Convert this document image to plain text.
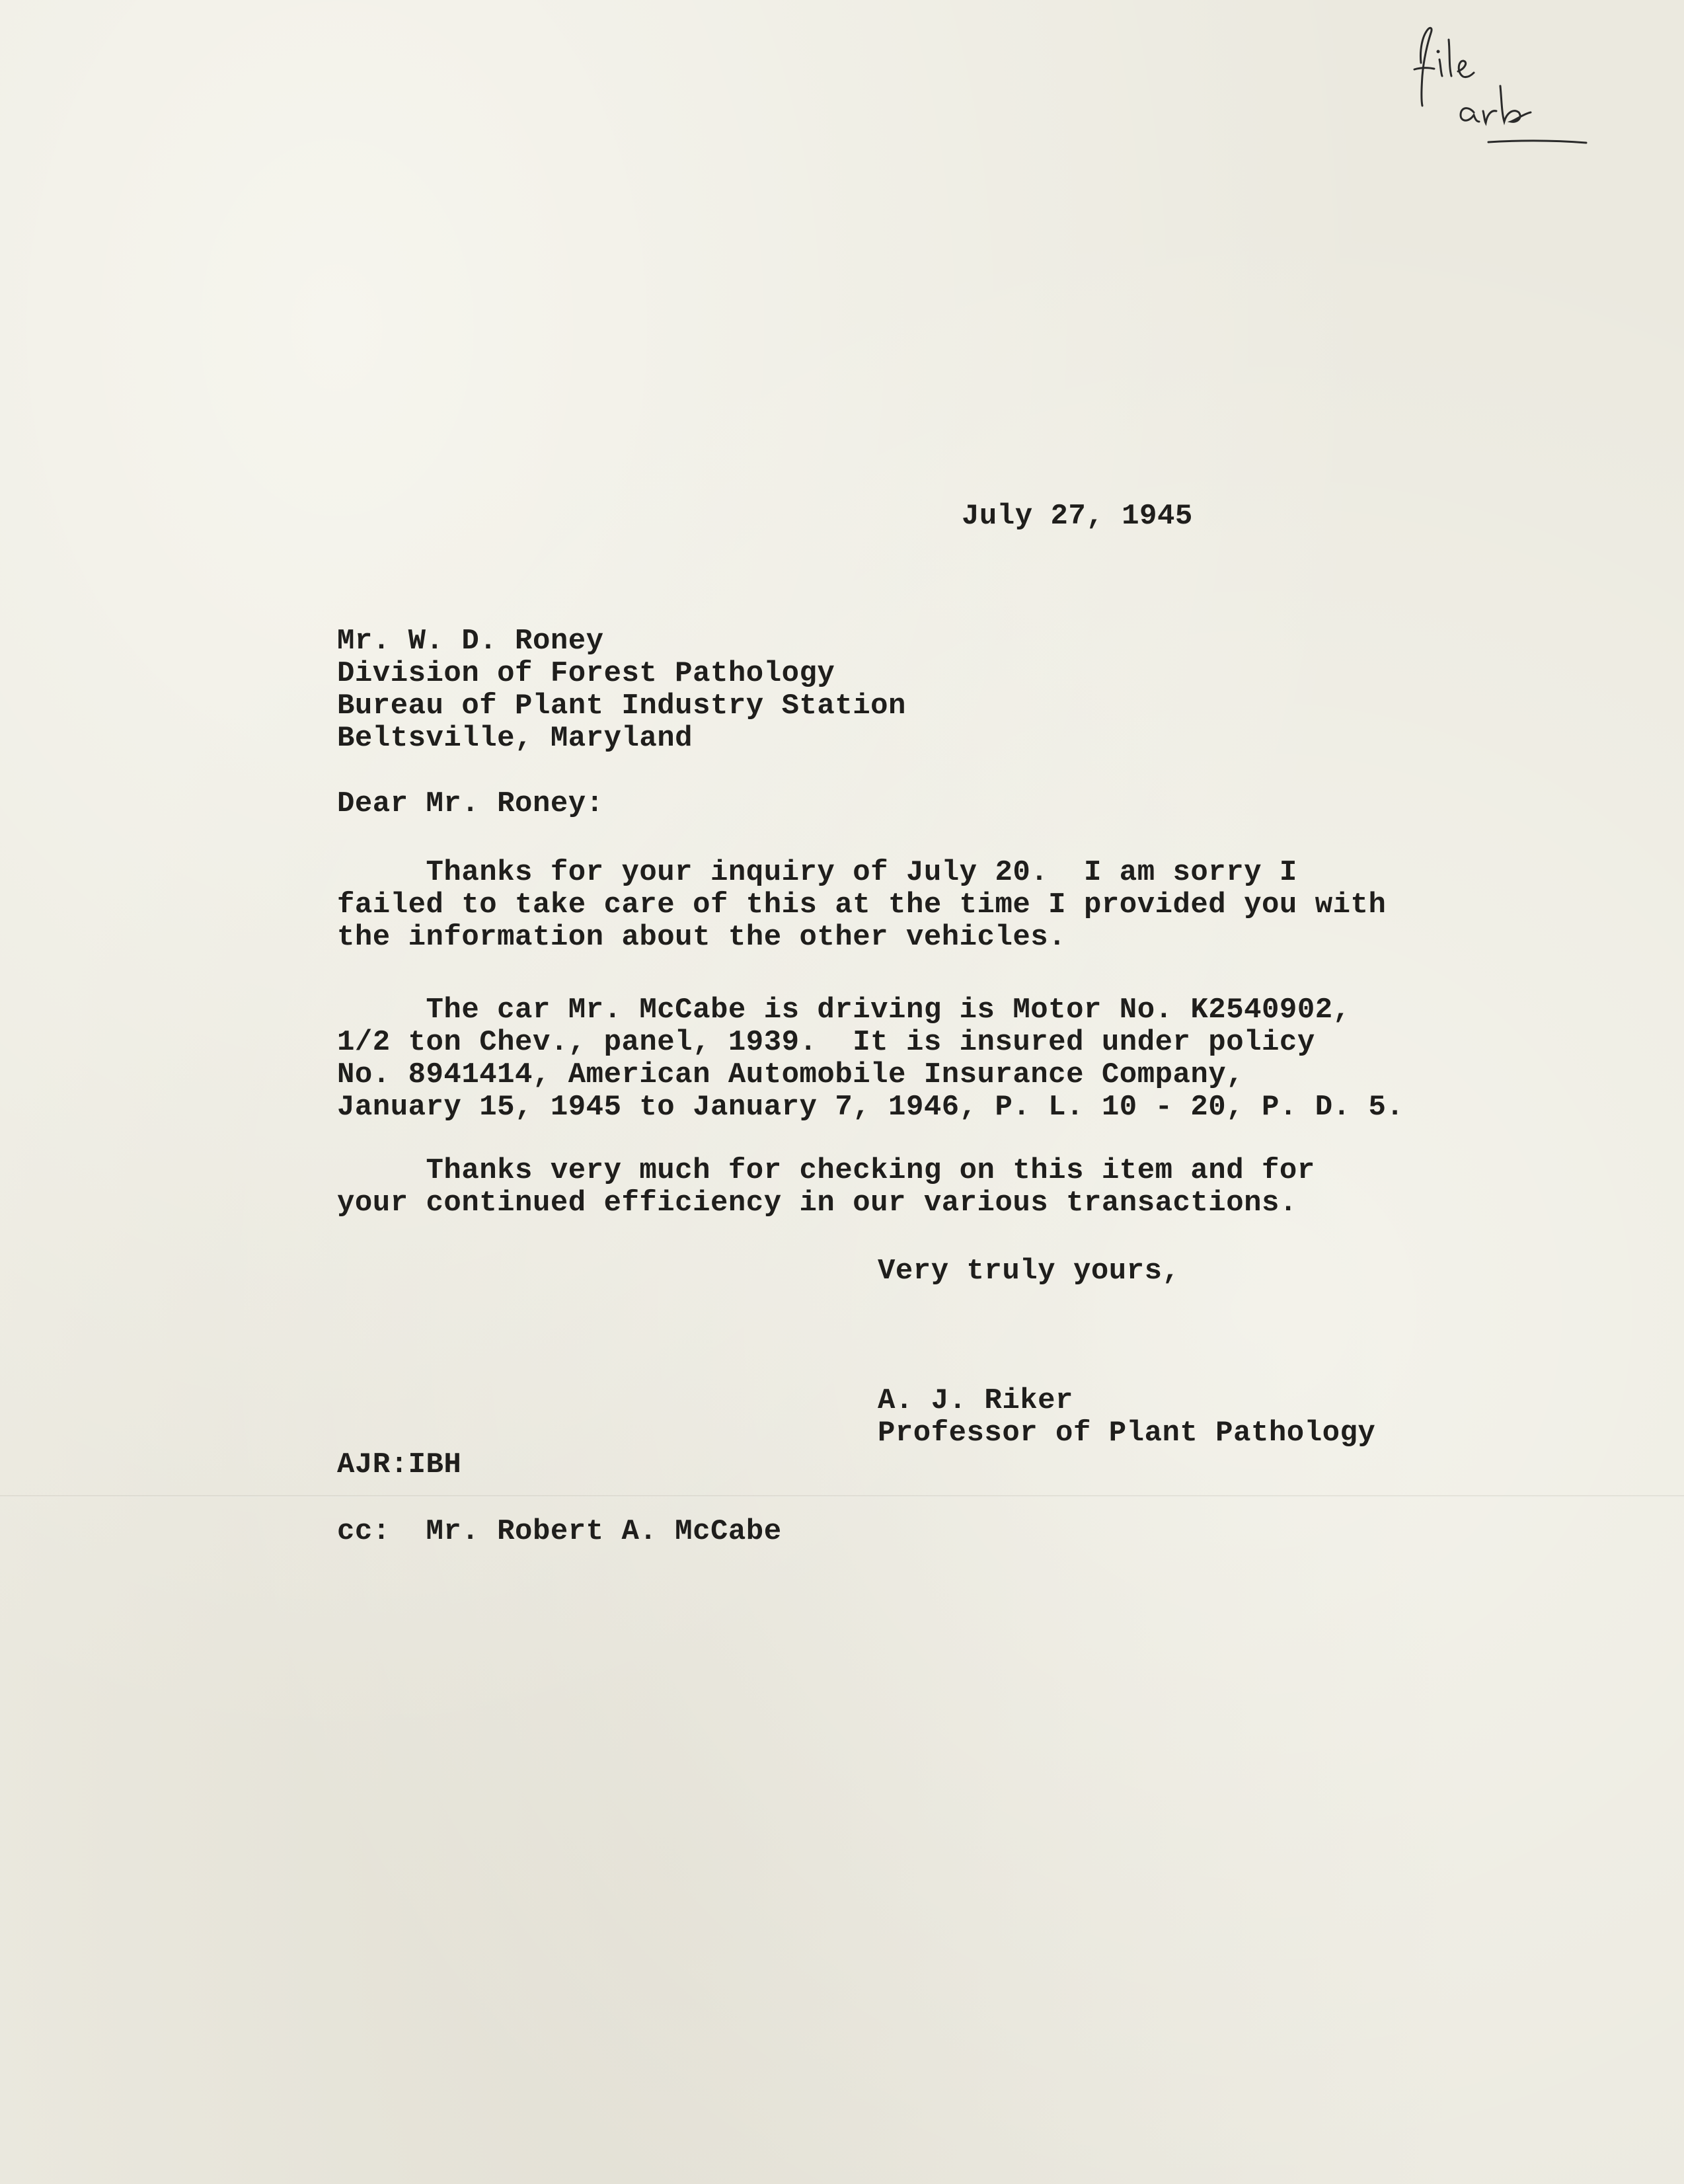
July 27, 1945
Mr. W. D. Roney
Division of Forest Pathology
Bureau of Plant Industry Station
Beltsville, Maryland
Dear Mr. Roney:
Thanks for your inquiry of July 20.  I am sorry I
failed to take care of this at the time I provided you with
the information about the other vehicles.
The car Mr. McCabe is driving is Motor No. K2540902,
1/2 ton Chev., panel, 1939.  It is insured under policy
No. 8941414, American Automobile Insurance Company,
January 15, 1945 to January 7, 1946, P. L. 10 - 20, P. D. 5.
Thanks very much for checking on this item and for
your continued efficiency in our various transactions.
Very truly yours,
A. J. Riker
Professor of Plant Pathology
AJR:IBH
cc:  Mr. Robert A. McCabe
